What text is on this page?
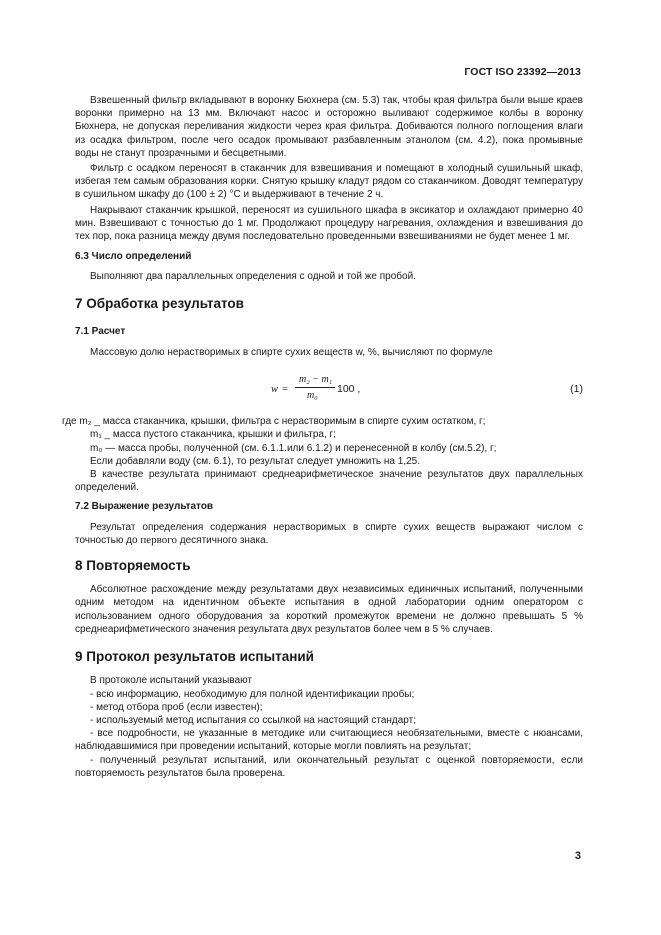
ГОСТ ISO 23392—2013

Взвешенный фильтр вкладывают в воронку Бюхнера (см. 5.3) так, чтобы края фильтра были выше краев воронки примерно на 13 мм. Включают насос и осторожно выливают содержимое колбы в воронку Бюхнера, не допуская переливания жидкости через края фильтра. Добиваются полного поглощения влаги из осадка фильтром, после чего осадок промывают разбавленным этанолом (см. 4.2), пока промывные воды не станут прозрачными и бесцветными.

Фильтр с осадком переносят в стаканчик для взвешивания и помещают в холодный сушильный шкаф, избегая тем самым образования корки. Снятую крышку кладут рядом со стаканчиком. Доводят температуру в сушильном шкафу до (100 ± 2) °С и выдерживают в течение 2 ч.

Накрывают стаканчик крышкой, переносят из сушильного шкафа в эксикатор и охлаждают примерно 40 мин. Взвешивают с точностью до 1 мг. Продолжают процедуру нагревания, охлаждения и взвешивания до тех пор, пока разница между двумя последовательно проведенными взвешиваниями не будет менее 1 мг.

6.3 Число определений

Выполняют два параллельных определения с одной и той же пробой.

7 Обработка результатов

7.1 Расчет

Массовую долю нерастворимых в спирте сухих веществ w, %, вычисляют по формуле

w =
m₂ − m₁
m₀
100 ,	(1)

где m₂ _ масса стаканчика, крышки, фильтра с нерастворимым в спирте сухим остатком, г;

m₁ _ масса пустого стаканчика, крышки и фильтра, г;

m₀ — масса пробы, полученной (см. 6.1.1.или 6.1.2) и перенесенной в колбу (см.5.2), г;

Если добавляли воду (см. 6.1), то результат следует умножить на 1,25.

В качестве результата принимают среднеарифметическое значение результатов двух параллельных определений.

7.2 Выражение результатов

Результат определения содержания нерастворимых в спирте сухих веществ выражают числом с точностью до первого десятичного знака.

8 Повторяемость

Абсолютное расхождение между результатами двух независимых единичных испытаний, полученными одним методом на идентичном объекте испытания в одной лаборатории одним оператором с использованием одного оборудования за короткий промежуток времени не должно превышать 5 % среднеарифметического значения результата двух результатов более чем в 5 % случаев.

9 Протокол результатов испытаний

В протоколе испытаний указывают

- всю информацию, необходимую для полной идентификации пробы;

- метод отбора проб (если известен);

- используемый метод испытания со ссылкой на настоящий стандарт;

- все подробности, не указанные в методике или считающиеся необязательными, вместе с нюансами, наблюдавшимися при проведении испытаний, которые могли повлиять на результат;

- полученный результат испытаний, или окончательный результат с оценкой повторяемости, если повторяемость результатов была проверена.

3
